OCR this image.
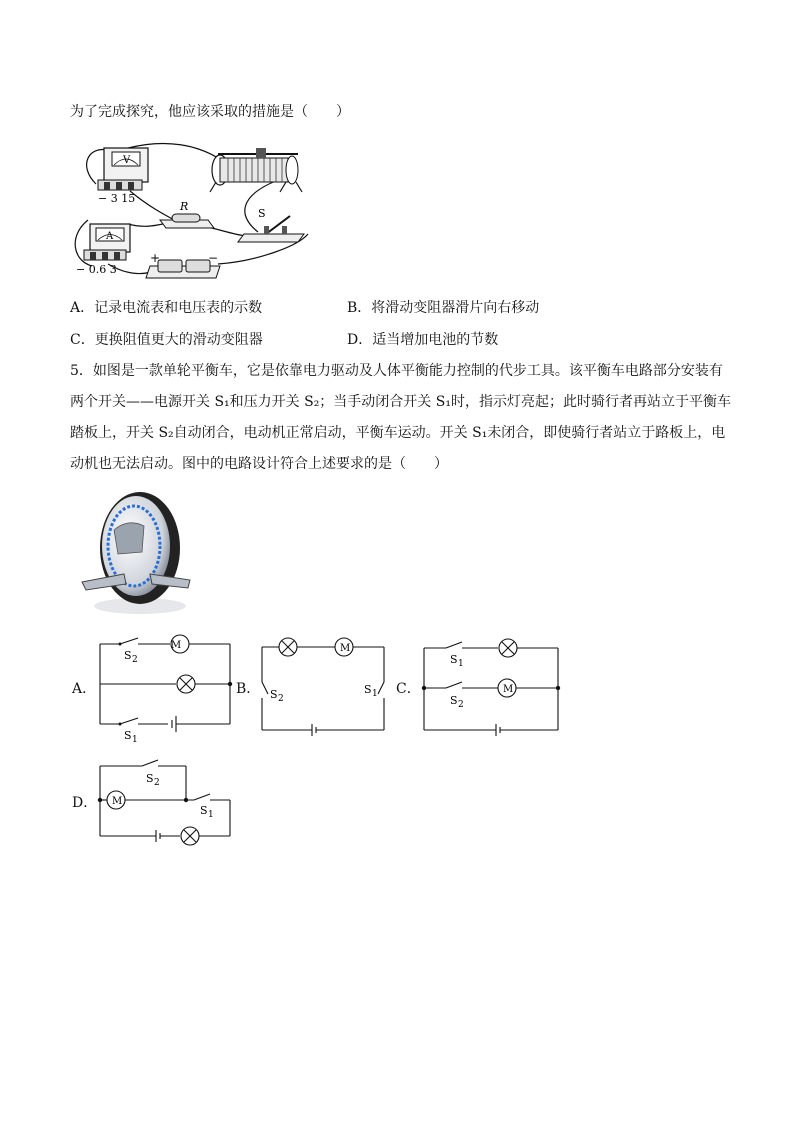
为了完成探究，他应该采取的措施是（　　）
V
− 3 15
R
A
− 0.6 3
S
+	−
A．记录电流表和电压表的示数	B．将滑动变阻器滑片向右移动
C．更换阻值更大的滑动变阻器	D．适当增加电池的节数
5．如图是一款单轮平衡车，它是依靠电力驱动及人体平衡能力控制的代步工具。该平衡车电路部分安装有
两个开关——电源开关 S₁和压力开关 S₂；当手动闭合开关 S₁时，指示灯亮起；此时骑行者再站立于平衡车
踏板上，开关 S₂自动闭合，电动机正常启动，平衡车运动。开关 S₁未闭合，即使骑行者站立于路板上，电
动机也无法启动。图中的电路设计符合上述要求的是（　　）
A．
M
S 2
S 1
B．
M
S 2
S 1 C．	M
S 1
S 2
D． M
S 2
S 1
